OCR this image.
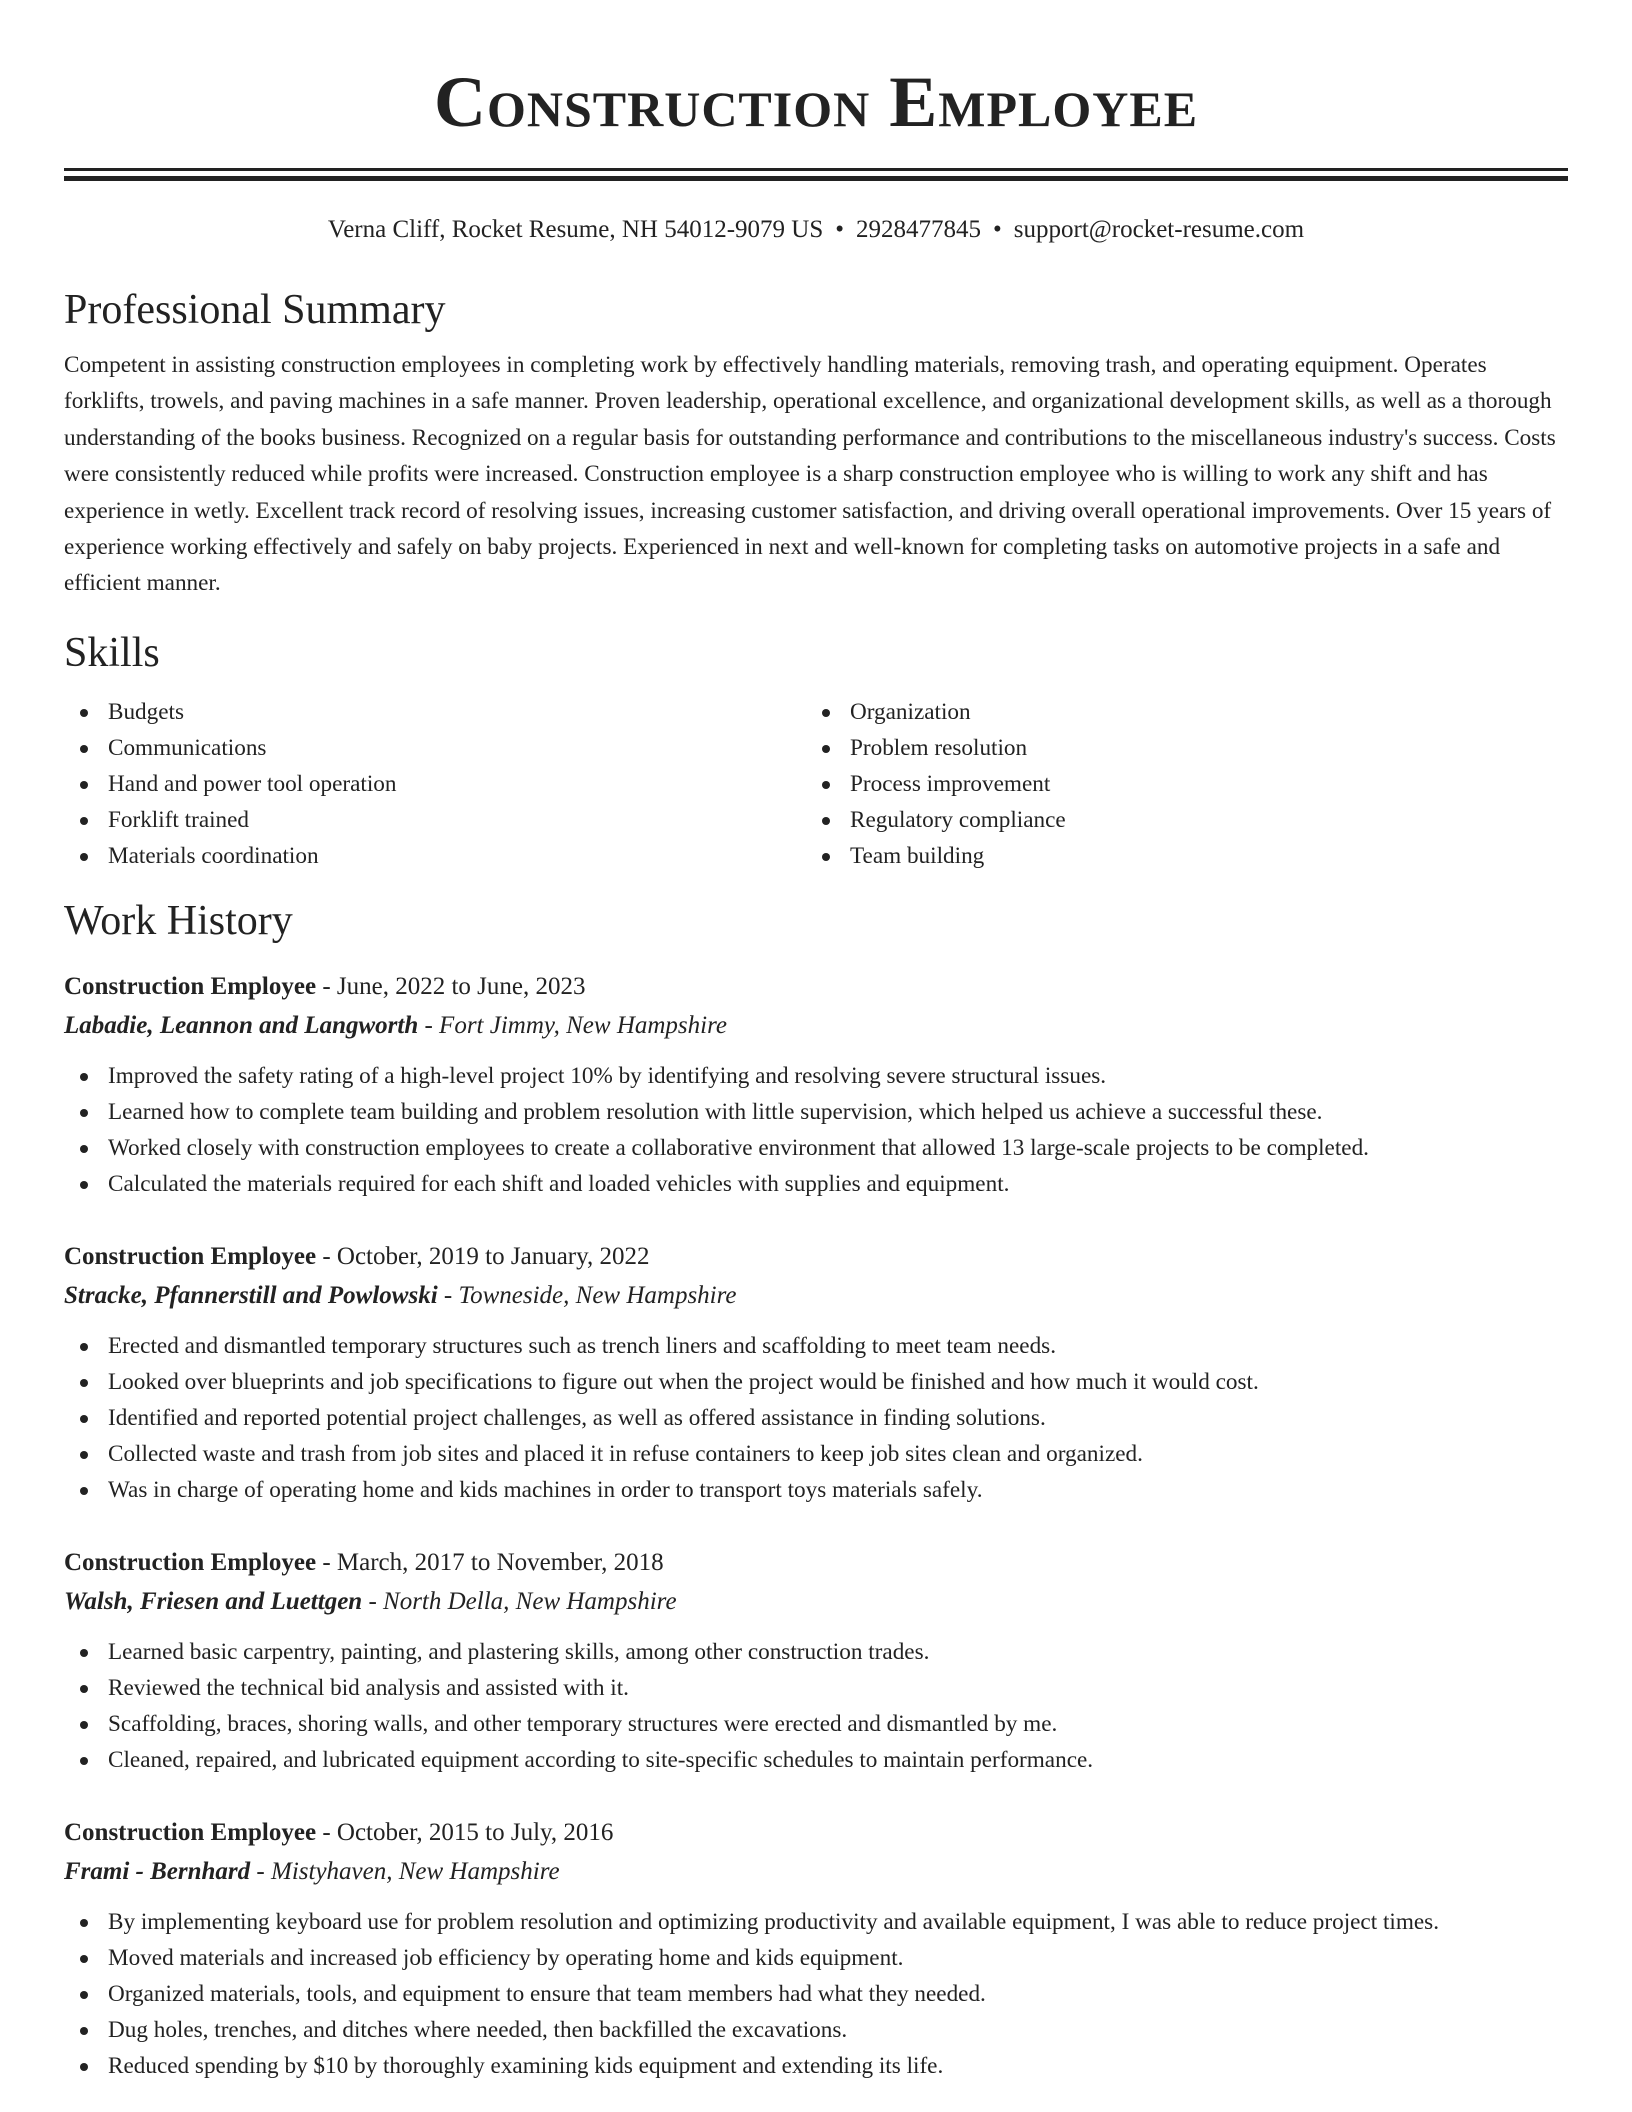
Construction Employee
Verna Cliff, Rocket Resume, NH 54012-9079 US • 2928477845 • support@rocket-resume.com
Professional Summary
Competent in assisting construction employees in completing work by effectively handling materials, removing trash, and operating equipment. Operates forklifts, trowels, and paving machines in a safe manner. Proven leadership, operational excellence, and organizational development skills, as well as a thorough understanding of the books business. Recognized on a regular basis for outstanding performance and contributions to the miscellaneous industry's success. Costs were consistently reduced while profits were increased. Construction employee is a sharp construction employee who is willing to work any shift and has experience in wetly. Excellent track record of resolving issues, increasing customer satisfaction, and driving overall operational improvements. Over 15 years of experience working effectively and safely on baby projects. Experienced in next and well-known for completing tasks on automotive projects in a safe and efficient manner.
Skills
Budgets
Communications
Hand and power tool operation
Forklift trained
Materials coordination
Organization
Problem resolution
Process improvement
Regulatory compliance
Team building
Work History
Construction Employee - June, 2022 to June, 2023
Labadie, Leannon and Langworth - Fort Jimmy, New Hampshire
Improved the safety rating of a high-level project 10% by identifying and resolving severe structural issues.
Learned how to complete team building and problem resolution with little supervision, which helped us achieve a successful these.
Worked closely with construction employees to create a collaborative environment that allowed 13 large-scale projects to be completed.
Calculated the materials required for each shift and loaded vehicles with supplies and equipment.
Construction Employee - October, 2019 to January, 2022
Stracke, Pfannerstill and Powlowski - Towneside, New Hampshire
Erected and dismantled temporary structures such as trench liners and scaffolding to meet team needs.
Looked over blueprints and job specifications to figure out when the project would be finished and how much it would cost.
Identified and reported potential project challenges, as well as offered assistance in finding solutions.
Collected waste and trash from job sites and placed it in refuse containers to keep job sites clean and organized.
Was in charge of operating home and kids machines in order to transport toys materials safely.
Construction Employee - March, 2017 to November, 2018
Walsh, Friesen and Luettgen - North Della, New Hampshire
Learned basic carpentry, painting, and plastering skills, among other construction trades.
Reviewed the technical bid analysis and assisted with it.
Scaffolding, braces, shoring walls, and other temporary structures were erected and dismantled by me.
Cleaned, repaired, and lubricated equipment according to site-specific schedules to maintain performance.
Construction Employee - October, 2015 to July, 2016
Frami - Bernhard - Mistyhaven, New Hampshire
By implementing keyboard use for problem resolution and optimizing productivity and available equipment, I was able to reduce project times.
Moved materials and increased job efficiency by operating home and kids equipment.
Organized materials, tools, and equipment to ensure that team members had what they needed.
Dug holes, trenches, and ditches where needed, then backfilled the excavations.
Reduced spending by $10 by thoroughly examining kids equipment and extending its life.
